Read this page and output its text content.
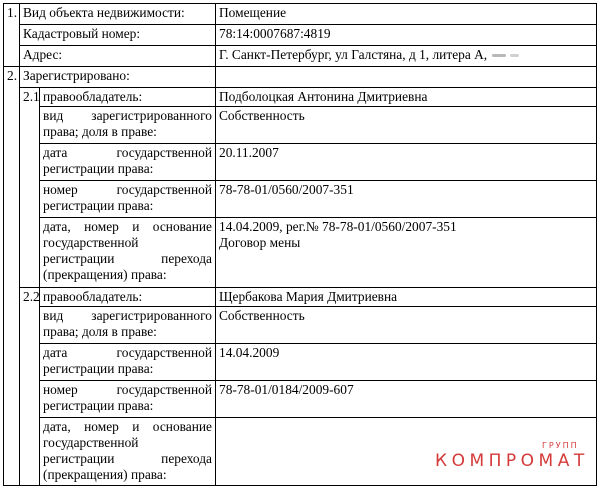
1.	Вид объекта недвижимости:		Помещение
	Кадастровый номер:		78:14:0007687:4819
	Адрес:		Г. Санкт-Петербург, ул Галстяна, д 1, литера А,
2.	Зарегистрировано:		
	2.1	правообладатель:	Подболоцкая Антонина Дмитриевна
		вид зарегистрированного права; доля в праве:	Собственность
		дата государственной регистрации права:	20.11.2007
		номер государственной регистрации права:	78-78-01/0560/2007-351
		дата, номер и основание государственной регистрации перехода (прекращения) права:	14.04.2009, рег.№ 78-78-01/0560/2007-351
Договор мены

	2.2	правообладатель:	Щербакова Мария Дмитриевна
		вид зарегистрированного права; доля в праве:	Собственность
		дата государственной регистрации права:	14.04.2009
		номер государственной регистрации права:	78-78-01/0184/2009-607
		дата, номер и основание государственной регистрации перехода (прекращения) права:	
ГРУПП
КОМПРОМАТ
